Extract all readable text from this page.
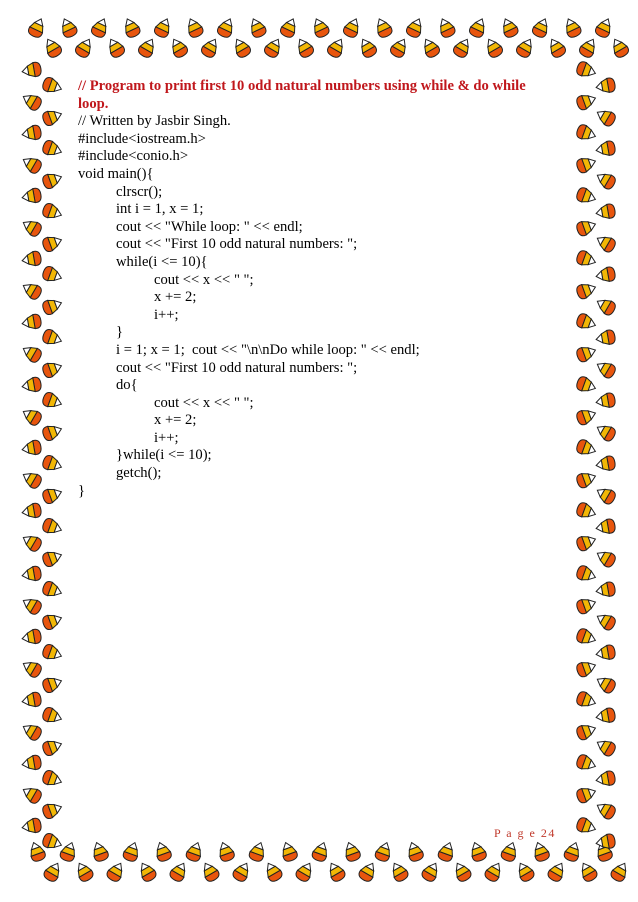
// Program to print first 10 odd natural numbers using while & do while loop.
// Written by Jasbir Singh.
#include<iostream.h>
#include<conio.h>
void main(){
clrscr();
int i = 1, x = 1;
cout << "While loop: " << endl;
cout << "First 10 odd natural numbers: ";
while(i <= 10){
cout << x << " ";
x += 2;
i++;
}
i = 1; x = 1;  cout << "\n\nDo while loop: " << endl;
cout << "First 10 odd natural numbers: ";
do{
cout << x << " ";
x += 2;
i++;
}while(i <= 10);
getch();
}
P a g e 24
